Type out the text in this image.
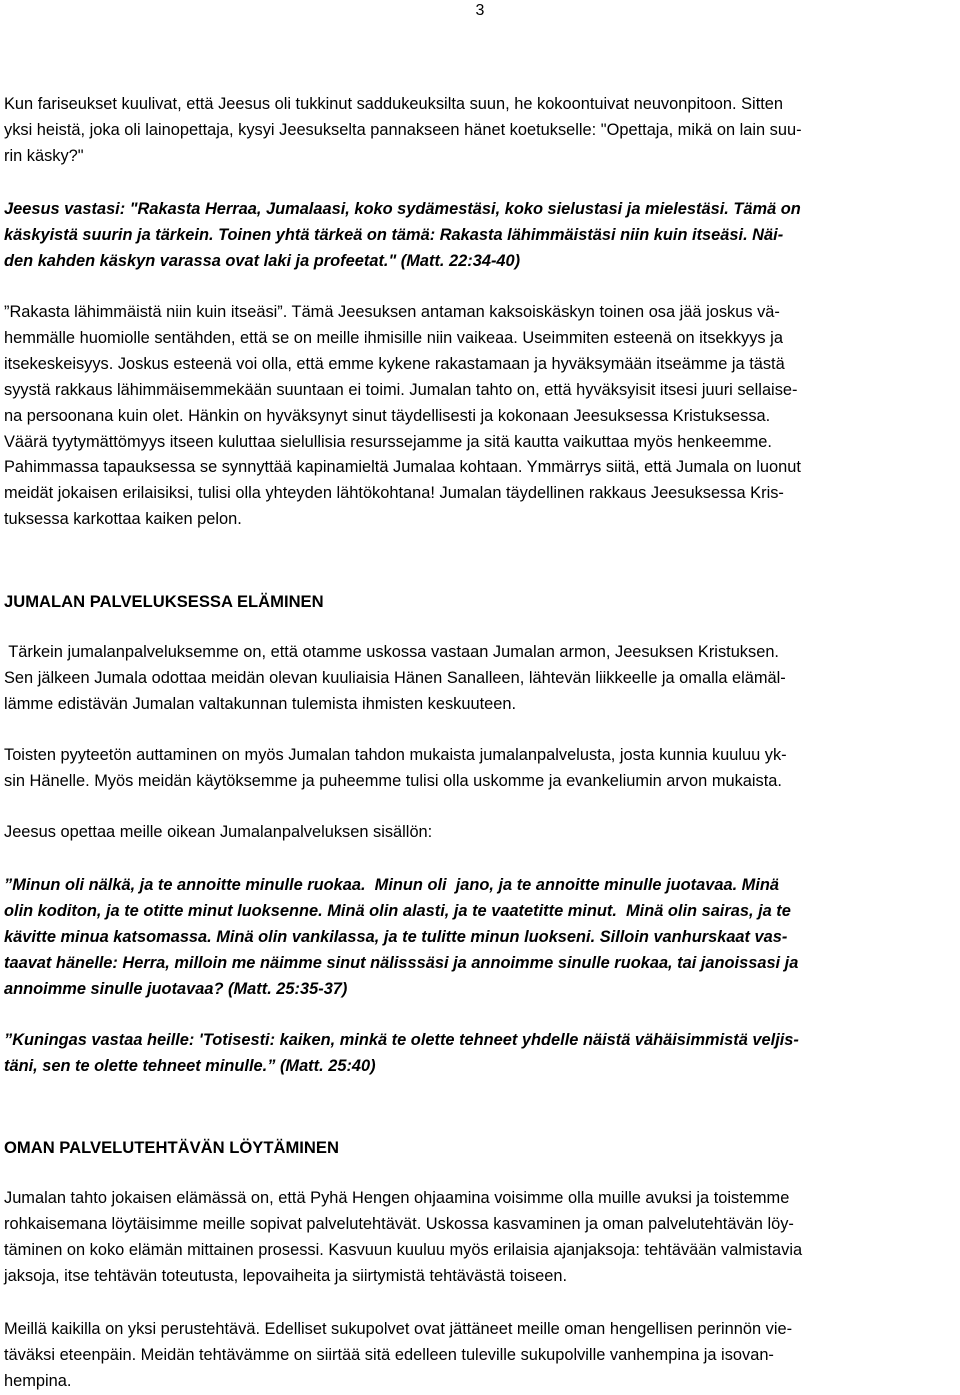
3

Kun fariseukset kuulivat, että Jeesus oli tukkinut saddukeuksilta suun, he kokoontuivat neuvonpitoon. Sitten
yksi heistä, joka oli lainopettaja, kysyi Jeesukselta pannakseen hänet koetukselle: "Opettaja, mikä on lain suu-
rin käsky?"

Jeesus vastasi: "Rakasta Herraa, Jumalaasi, koko sydämestäsi, koko sielustasi ja mielestäsi. Tämä on
käskyistä suurin ja tärkein. Toinen yhtä tärkeä on tämä: Rakasta lähimmäistäsi niin kuin itseäsi. Näi-
den kahden käskyn varassa ovat laki ja profeetat." (Matt. 22:34-40)

”Rakasta lähimmäistä niin kuin itseäsi”. Tämä Jeesuksen antaman kaksoiskäskyn toinen osa jää joskus vä-
hemmälle huomiolle sentähden, että se on meille ihmisille niin vaikeaa. Useimmiten esteenä on itsekkyys ja
itsekeskeisyys. Joskus esteenä voi olla, että emme kykene rakastamaan ja hyväksymään itseämme ja tästä
syystä rakkaus lähimmäisemmekään suuntaan ei toimi. Jumalan tahto on, että hyväksyisit itsesi juuri sellaise-
na persoonana kuin olet. Hänkin on hyväksynyt sinut täydellisesti ja kokonaan Jeesuksessa Kristuksessa.
Väärä tyytymättömyys itseen kuluttaa sielullisia resurssejamme ja sitä kautta vaikuttaa myös henkeemme.
Pahimmassa tapauksessa se synnyttää kapinamieltä Jumalaa kohtaan. Ymmärrys siitä, että Jumala on luonut
meidät jokaisen erilaisiksi, tulisi olla yhteyden lähtökohtana! Jumalan täydellinen rakkaus Jeesuksessa Kris-
tuksessa karkottaa kaiken pelon.

JUMALAN PALVELUKSESSA ELÄMINEN

Tärkein jumalanpalveluksemme on, että otamme uskossa vastaan Jumalan armon, Jeesuksen Kristuksen.
Sen jälkeen Jumala odottaa meidän olevan kuuliaisia Hänen Sanalleen, lähtevän liikkeelle ja omalla elämäl-
lämme edistävän Jumalan valtakunnan tulemista ihmisten keskuuteen.

Toisten pyyteetön auttaminen on myös Jumalan tahdon mukaista jumalanpalvelusta, josta kunnia kuuluu yk-
sin Hänelle. Myös meidän käytöksemme ja puheemme tulisi olla uskomme ja evankeliumin arvon mukaista.

Jeesus opettaa meille oikean Jumalanpalveluksen sisällön:

”Minun oli nälkä, ja te annoitte minulle ruokaa.  Minun oli  jano, ja te annoitte minulle juotavaa. Minä
olin koditon, ja te otitte minut luoksenne. Minä olin alasti, ja te vaatetitte minut.  Minä olin sairas, ja te
kävitte minua katsomassa. Minä olin vankilassa, ja te tulitte minun luokseni. Silloin vanhurskaat vas-
taavat hänelle: Herra, milloin me näimme sinut nälisssäsi ja annoimme sinulle ruokaa, tai janoissasi ja
annoimme sinulle juotavaa? (Matt. 25:35-37)

”Kuningas vastaa heille: 'Totisesti: kaiken, minkä te olette tehneet yhdelle näistä vähäisimmistä veljis-
täni, sen te olette tehneet minulle.” (Matt. 25:40)

OMAN PALVELUTEHTÄVÄN LÖYTÄMINEN

Jumalan tahto jokaisen elämässä on, että Pyhä Hengen ohjaamina voisimme olla muille avuksi ja toistemme
rohkaisemana löytäisimme meille sopivat palvelutehtävät. Uskossa kasvaminen ja oman palvelutehtävän löy-
täminen on koko elämän mittainen prosessi. Kasvuun kuuluu myös erilaisia ajanjaksoja: tehtävään valmistavia
jaksoja, itse tehtävän toteutusta, lepovaiheita ja siirtymistä tehtävästä toiseen.

Meillä kaikilla on yksi perustehtävä. Edelliset sukupolvet ovat jättäneet meille oman hengellisen perinnön vie-
täväksi eteenpäin. Meidän tehtävämme on siirtää sitä edelleen tuleville sukupolville vanhempina ja isovan-
hempina.
